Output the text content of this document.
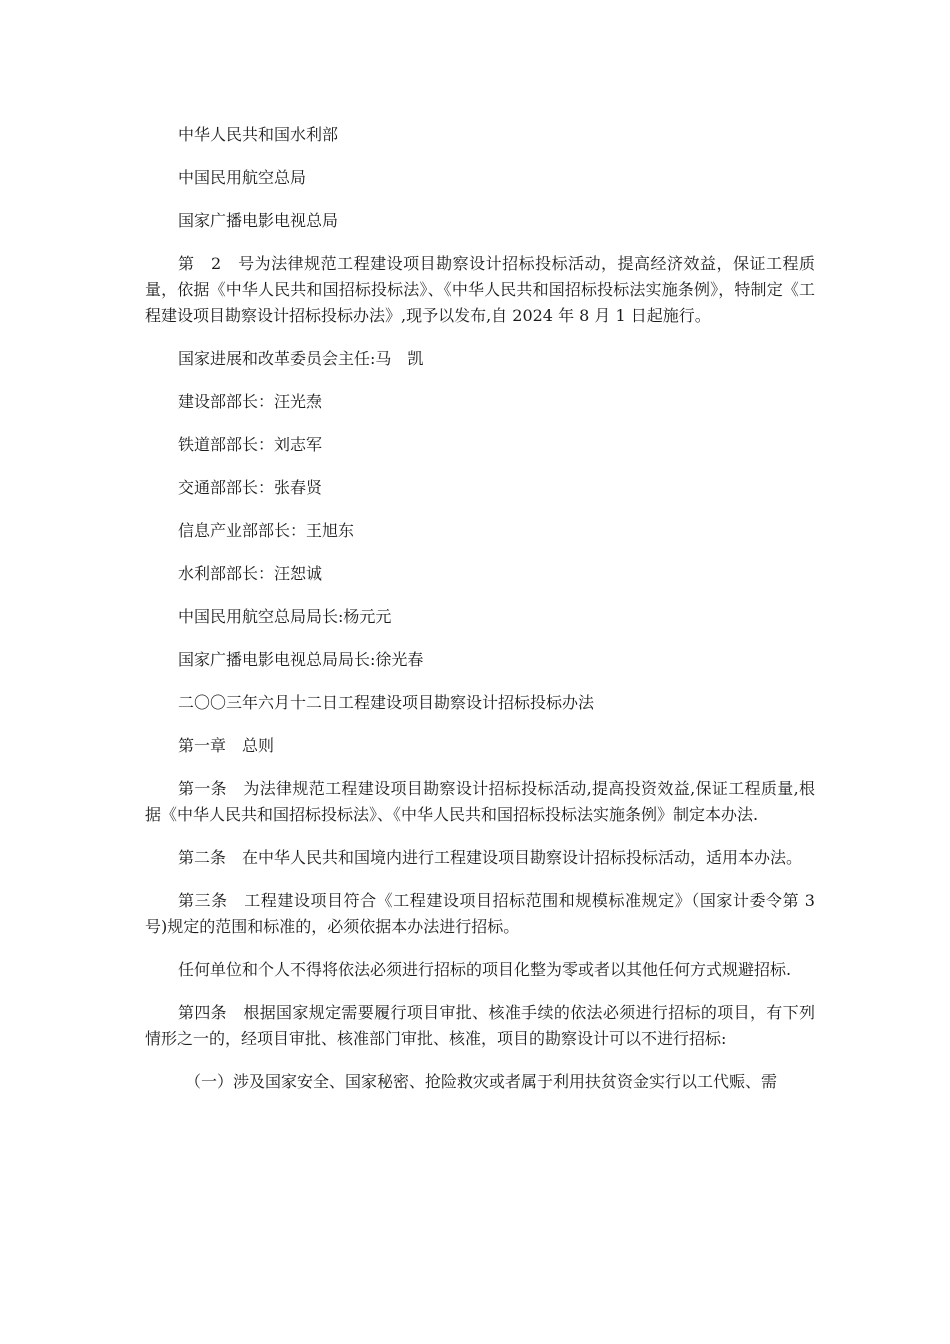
中华人民共和国水利部

中国民用航空总局

国家广播电影电视总局

第　2　号为法律规范工程建设项目勘察设计招标投标活动，提高经济效益，保证工程质量，依据《中华人民共和国招标投标法》、《中华人民共和国招标投标法实施条例》，特制定《工程建设项目勘察设计招标投标办法》,现予以发布,自 2024 年 8 月 1 日起施行。

国家进展和改革委员会主任:马　凯

建设部部长：汪光焘

铁道部部长：刘志军

交通部部长：张春贤

信息产业部部长：王旭东

水利部部长：汪恕诚

中国民用航空总局局长:杨元元

国家广播电影电视总局局长:徐光春

二〇〇三年六月十二日工程建设项目勘察设计招标投标办法

第一章　总则

第一条　为法律规范工程建设项目勘察设计招标投标活动,提高投资效益,保证工程质量,根据《中华人民共和国招标投标法》、《中华人民共和国招标投标法实施条例》制定本办法.

第二条　在中华人民共和国境内进行工程建设项目勘察设计招标投标活动，适用本办法。

第三条　工程建设项目符合《工程建设项目招标范围和规模标准规定》（国家计委令第 3 号)规定的范围和标准的，必须依据本办法进行招标。

任何单位和个人不得将依法必须进行招标的项目化整为零或者以其他任何方式规避招标.

第四条　根据国家规定需要履行项目审批、核准手续的依法必须进行招标的项目，有下列情形之一的，经项目审批、核准部门审批、核准，项目的勘察设计可以不进行招标:

（一）涉及国家安全、国家秘密、抢险救灾或者属于利用扶贫资金实行以工代赈、需
